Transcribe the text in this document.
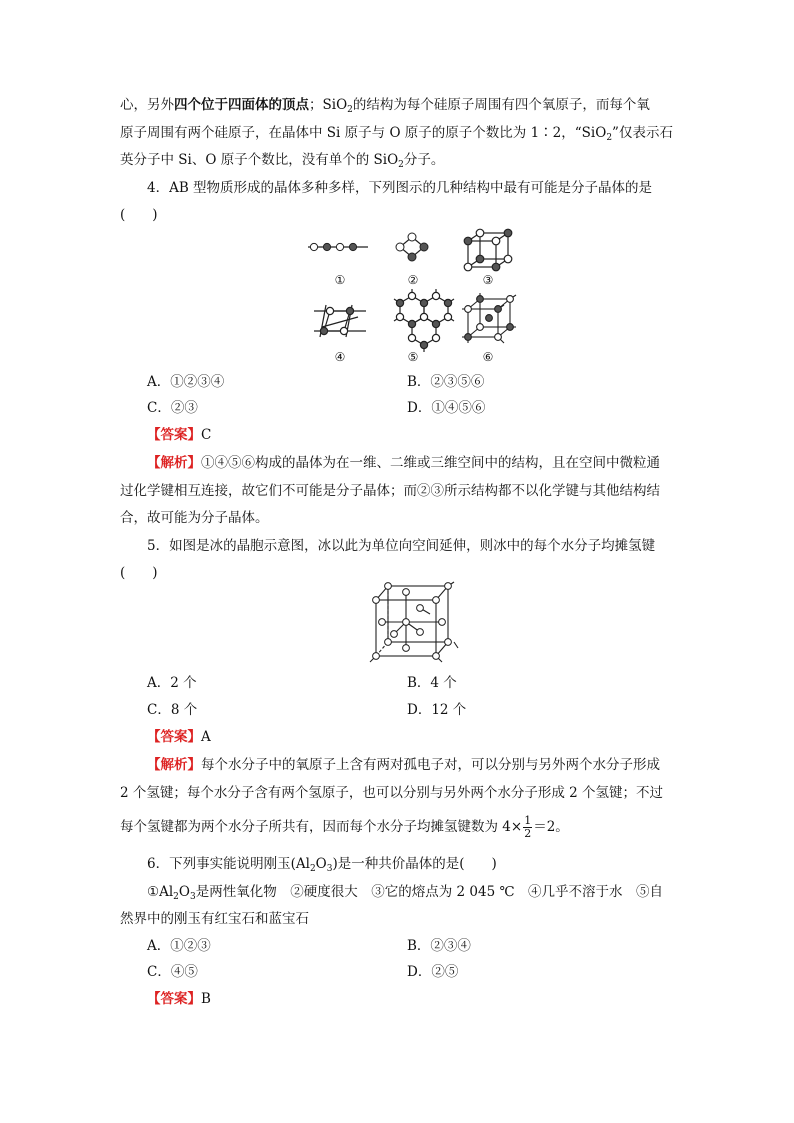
心，另外四个位于四面体的顶点；SiO$_2$的结构为每个硅原子周围有四个氧原子，而每个氧
原子周围有两个硅原子，在晶体中 Si 原子与 O 原子的原子个数比为 1∶2，“SiO$_2$”仅表示石
英分子中 Si、O 原子个数比，没有单个的 SiO$_2$分子。
4．AB 型物质形成的晶体多种多样，下列图示的几种结构中最有可能是分子晶体的是
(　　)
①	②	③
④	⑤	⑥
A．①②③④	B．②③⑤⑥
C．②③	D．①④⑤⑥
【答案】C
【解析】①④⑤⑥构成的晶体为在一维、二维或三维空间中的结构，且在空间中微粒通
过化学键相互连接，故它们不可能是分子晶体；而②③所示结构都不以化学键与其他结构结
合，故可能为分子晶体。
5．如图是冰的晶胞示意图，冰以此为单位向空间延伸，则冰中的每个水分子均摊氢键
(　　)
A．2 个	B．4 个
C．8 个	D．12 个
【答案】A
【解析】每个水分子中的氧原子上含有两对孤电子对，可以分别与另外两个水分子形成
2 个氢键；每个水分子含有两个氢原子，也可以分别与另外两个水分子形成 2 个氢键；不过
每个氢键都为两个水分子所共有，因而每个水分子均摊氢键数为 $4\times \frac{1}{2} =2$。
6．下列事实能说明刚玉$(Al_2O_3)$是一种共价晶体的是(　　)
$①Al_2O_3$是两性氧化物　②硬度很大　③它的熔点为 2 045 ℃　④几乎不溶于水　⑤自
然界中的刚玉有红宝石和蓝宝石
A．①②③	B．②③④
C．④⑤	D．②⑤
【答案】B
